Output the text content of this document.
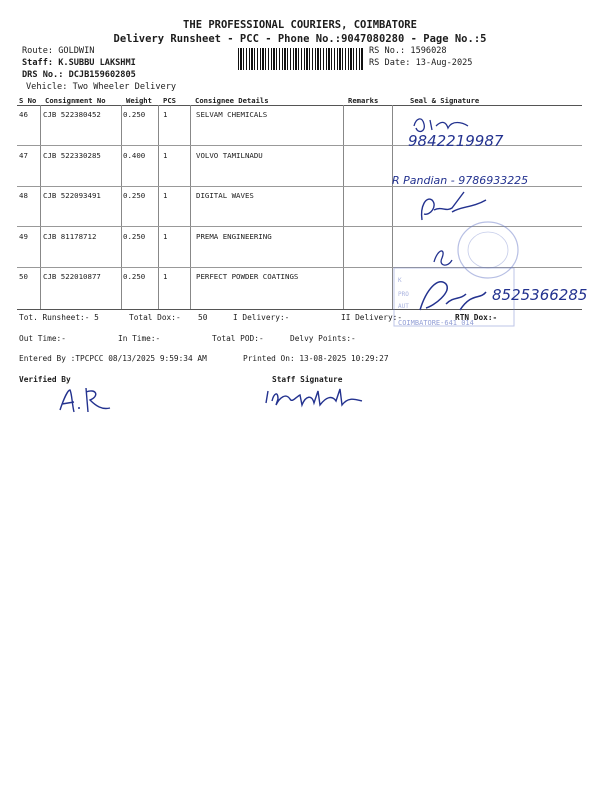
THE PROFESSIONAL COURIERS, COIMBATORE
Delivery Runsheet - PCC - Phone No.:9047080280 - Page No.:5
Route: GOLDWIN
Staff: K.SUBBU LAKSHMI
DRS No.: DCJB159602805
Vehicle: Two Wheeler Delivery
RS No.: 1596028
RS Date: 13-Aug-2025
S No Consignment No	Weight PCS	Consignee Details	Remarks	Seal & Signature
46 CJB 522380452	0.250 1	SELVAM CHEMICALS
47 CJB 522330285	0.400 1	VOLVO TAMILNADU
48 CJB 522093491	0.250 1	DIGITAL WAVES
49 CJB 81178712	0.250 1	PREMA ENGINEERING
50 CJB 522010877	0.250 1	PERFECT POWDER COATINGS	K
PRO
AUT
COIMBATORE-641 014
9842219987
R Pandian - 9786933225
8525366285
Tot. Runsheet:- 5	Total Dox:- 50	I Delivery:-	II Delivery:-	RTN Dox:-
Out Time:-	In Time:-	Total POD:-	Delvy Points:-
Entered By :TPCPCC 08/13/2025 9:59:34 AM	Printed On: 13-08-2025 10:29:27
Verified By	Staff Signature
